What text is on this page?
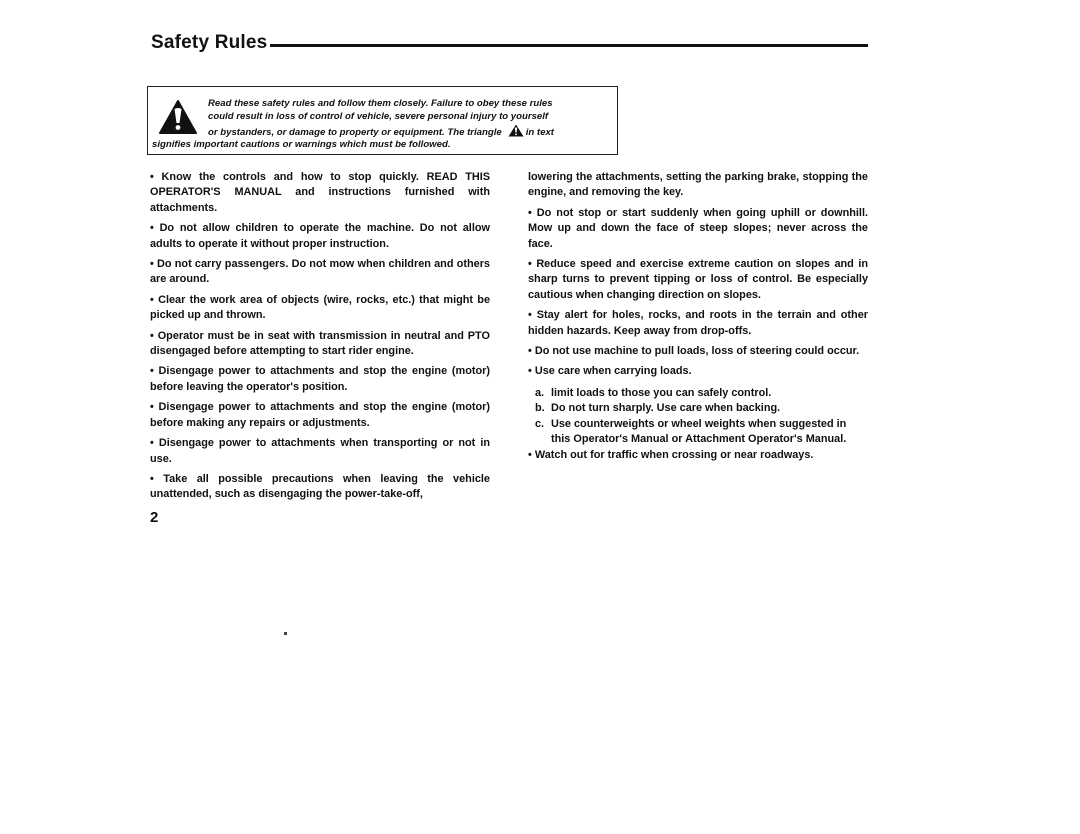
Safety Rules
Read these safety rules and follow them closely. Failure to obey these rules
could result in loss of control of vehicle, severe personal injury to yourself
or bystanders, or damage to property or equipment. The triangle	in text
signifies important cautions or warnings which must be followed.

• Know the controls and how to stop quickly. READ THIS OPERATOR'S MANUAL and instructions furnished with attachments.

• Do not allow children to operate the machine. Do not allow adults to operate it without proper instruction.

• Do not carry passengers. Do not mow when children and others are around.

• Clear the work area of objects (wire, rocks, etc.) that might be picked up and thrown.

• Operator must be in seat with transmission in neutral and PTO disengaged before attempting to start rider engine.

• Disengage power to attachments and stop the engine (motor) before leaving the operator's position.

• Disengage power to attachments and stop the engine (motor) before making any repairs or adjustments.

• Disengage power to attachments when transporting or not in use.

• Take all possible precautions when leaving the vehicle unattended, such as disengaging the power-take-off,

lowering the attachments, setting the parking brake, stopping the engine, and removing the key.

• Do not stop or start suddenly when going uphill or downhill. Mow up and down the face of steep slopes; never across the face.

• Reduce speed and exercise extreme caution on slopes and in sharp turns to prevent tipping or loss of control. Be especially cautious when changing direction on slopes.

• Stay alert for holes, rocks, and roots in the terrain and other hidden hazards. Keep away from drop-offs.

• Do not use machine to pull loads, loss of steering could occur.

• Use care when carrying loads.

a. limit loads to those you can safely control.
b. Do not turn sharply. Use care when backing.
c. Use counterweights or wheel weights when suggested in this Operator's Manual or Attachment Operator's Manual.

• Watch out for traffic when crossing or near roadways.

2
